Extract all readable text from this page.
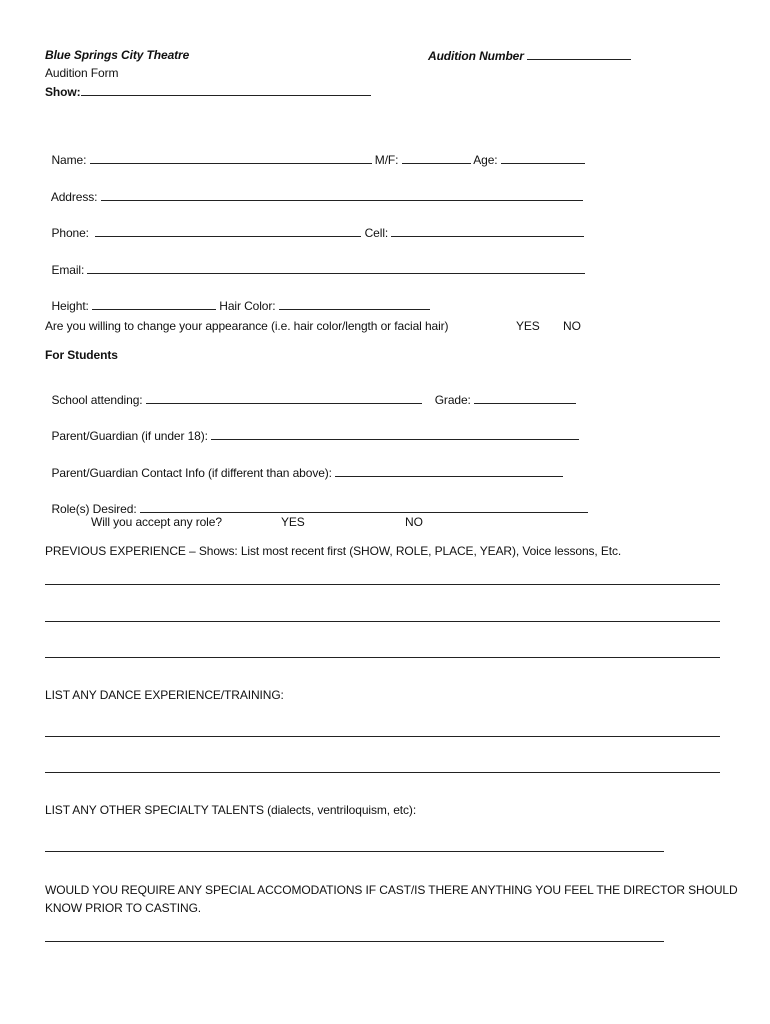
Blue Springs City Theatre	Audition Number
Audition Form
Show:

Name:	M/F:	Age:

Address:

Phone:	Cell:

Email:

Height:	Hair Color:

Are you willing to change your appearance (i.e. hair color/length or facial hair)	YES NO
For Students

School attending:	Grade:

Parent/Guardian (if under 18):

Parent/Guardian Contact Info (if different than above):

Role(s) Desired:

Will you accept any role?	YES	NO
PREVIOUS EXPERIENCE – Shows: List most recent first (SHOW, ROLE, PLACE, YEAR), Voice lessons, Etc.
LIST ANY DANCE EXPERIENCE/TRAINING:
LIST ANY OTHER SPECIALTY TALENTS (dialects, ventriloquism, etc):
WOULD YOU REQUIRE ANY SPECIAL ACCOMODATIONS IF CAST/IS THERE ANYTHING YOU FEEL THE DIRECTOR SHOULD
KNOW PRIOR TO CASTING.
